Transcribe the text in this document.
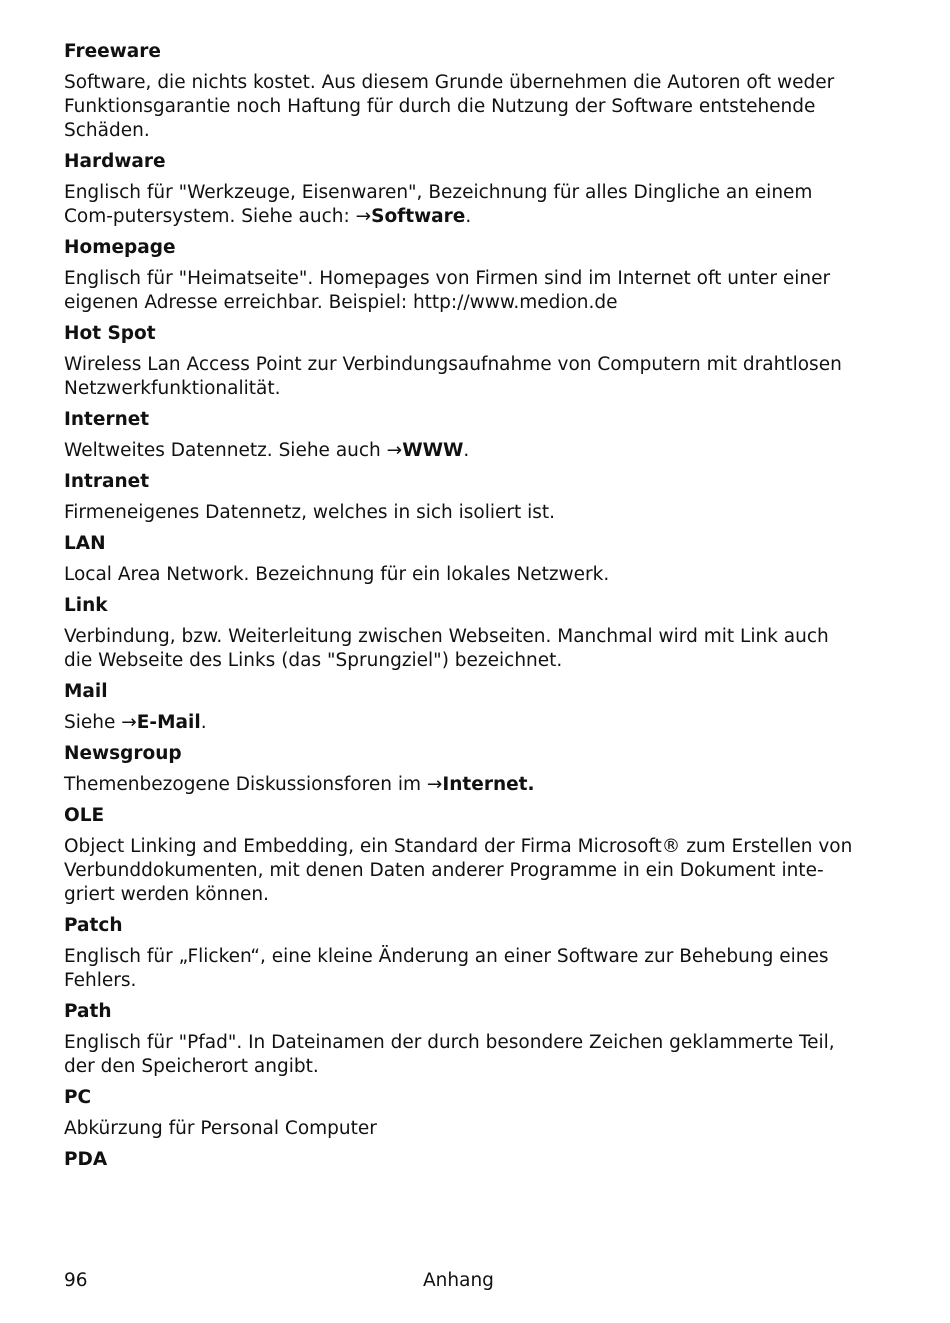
Freeware
Software, die nichts kostet. Aus diesem Grunde übernehmen die Autoren oft weder Funktionsgarantie noch Haftung für durch die Nutzung der Software entstehende Schäden.
Hardware
Englisch für "Werkzeuge, Eisenwaren", Bezeichnung für alles Dingliche an einem Com-putersystem. Siehe auch: →Software.
Homepage
Englisch für "Heimatseite". Homepages von Firmen sind im Internet oft unter einer eigenen Adresse erreichbar. Beispiel: http://www.medion.de
Hot Spot
Wireless Lan Access Point zur Verbindungsaufnahme von Computern mit drahtlosen Netzwerkfunktionalität.
Internet
Weltweites Datennetz. Siehe auch →WWW.
Intranet
Firmeneigenes Datennetz, welches in sich isoliert ist.
LAN
Local Area Network. Bezeichnung für ein lokales Netzwerk.
Link
Verbindung, bzw. Weiterleitung zwischen Webseiten. Manchmal wird mit Link auch die Webseite des Links (das "Sprungziel") bezeichnet.
Mail
Siehe →E-Mail.
Newsgroup
Themenbezogene Diskussionsforen im →Internet.
OLE
Object Linking and Embedding, ein Standard der Firma Microsoft® zum Erstellen von Verbunddokumenten, mit denen Daten anderer Programme in ein Dokument inte-griert werden können.
Patch
Englisch für „Flicken“, eine kleine Änderung an einer Software zur Behebung eines Fehlers.
Path
Englisch für "Pfad". In Dateinamen der durch besondere Zeichen geklammerte Teil, der den Speicherort angibt.
PC
Abkürzung für Personal Computer
PDA
96	Anhang
